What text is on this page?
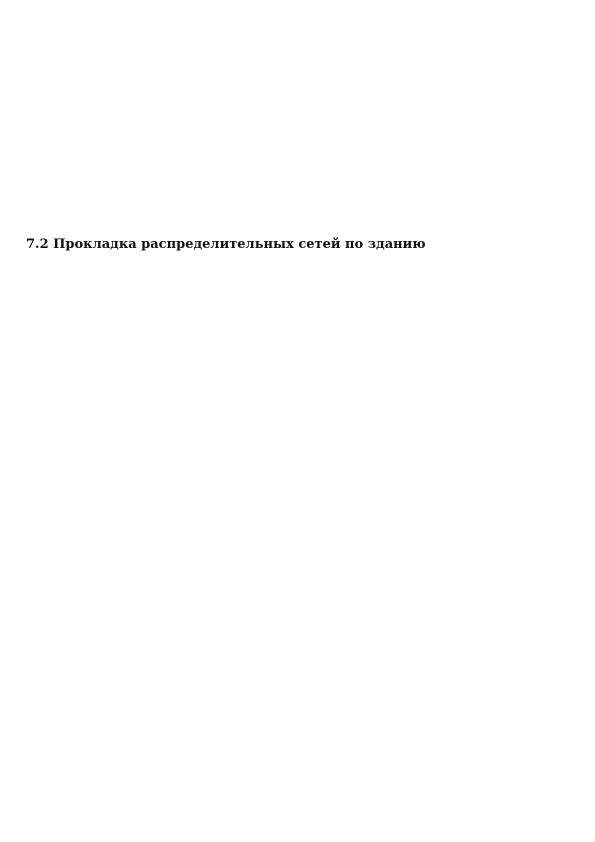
7.2 Прокладка распределительных сетей по зданию
